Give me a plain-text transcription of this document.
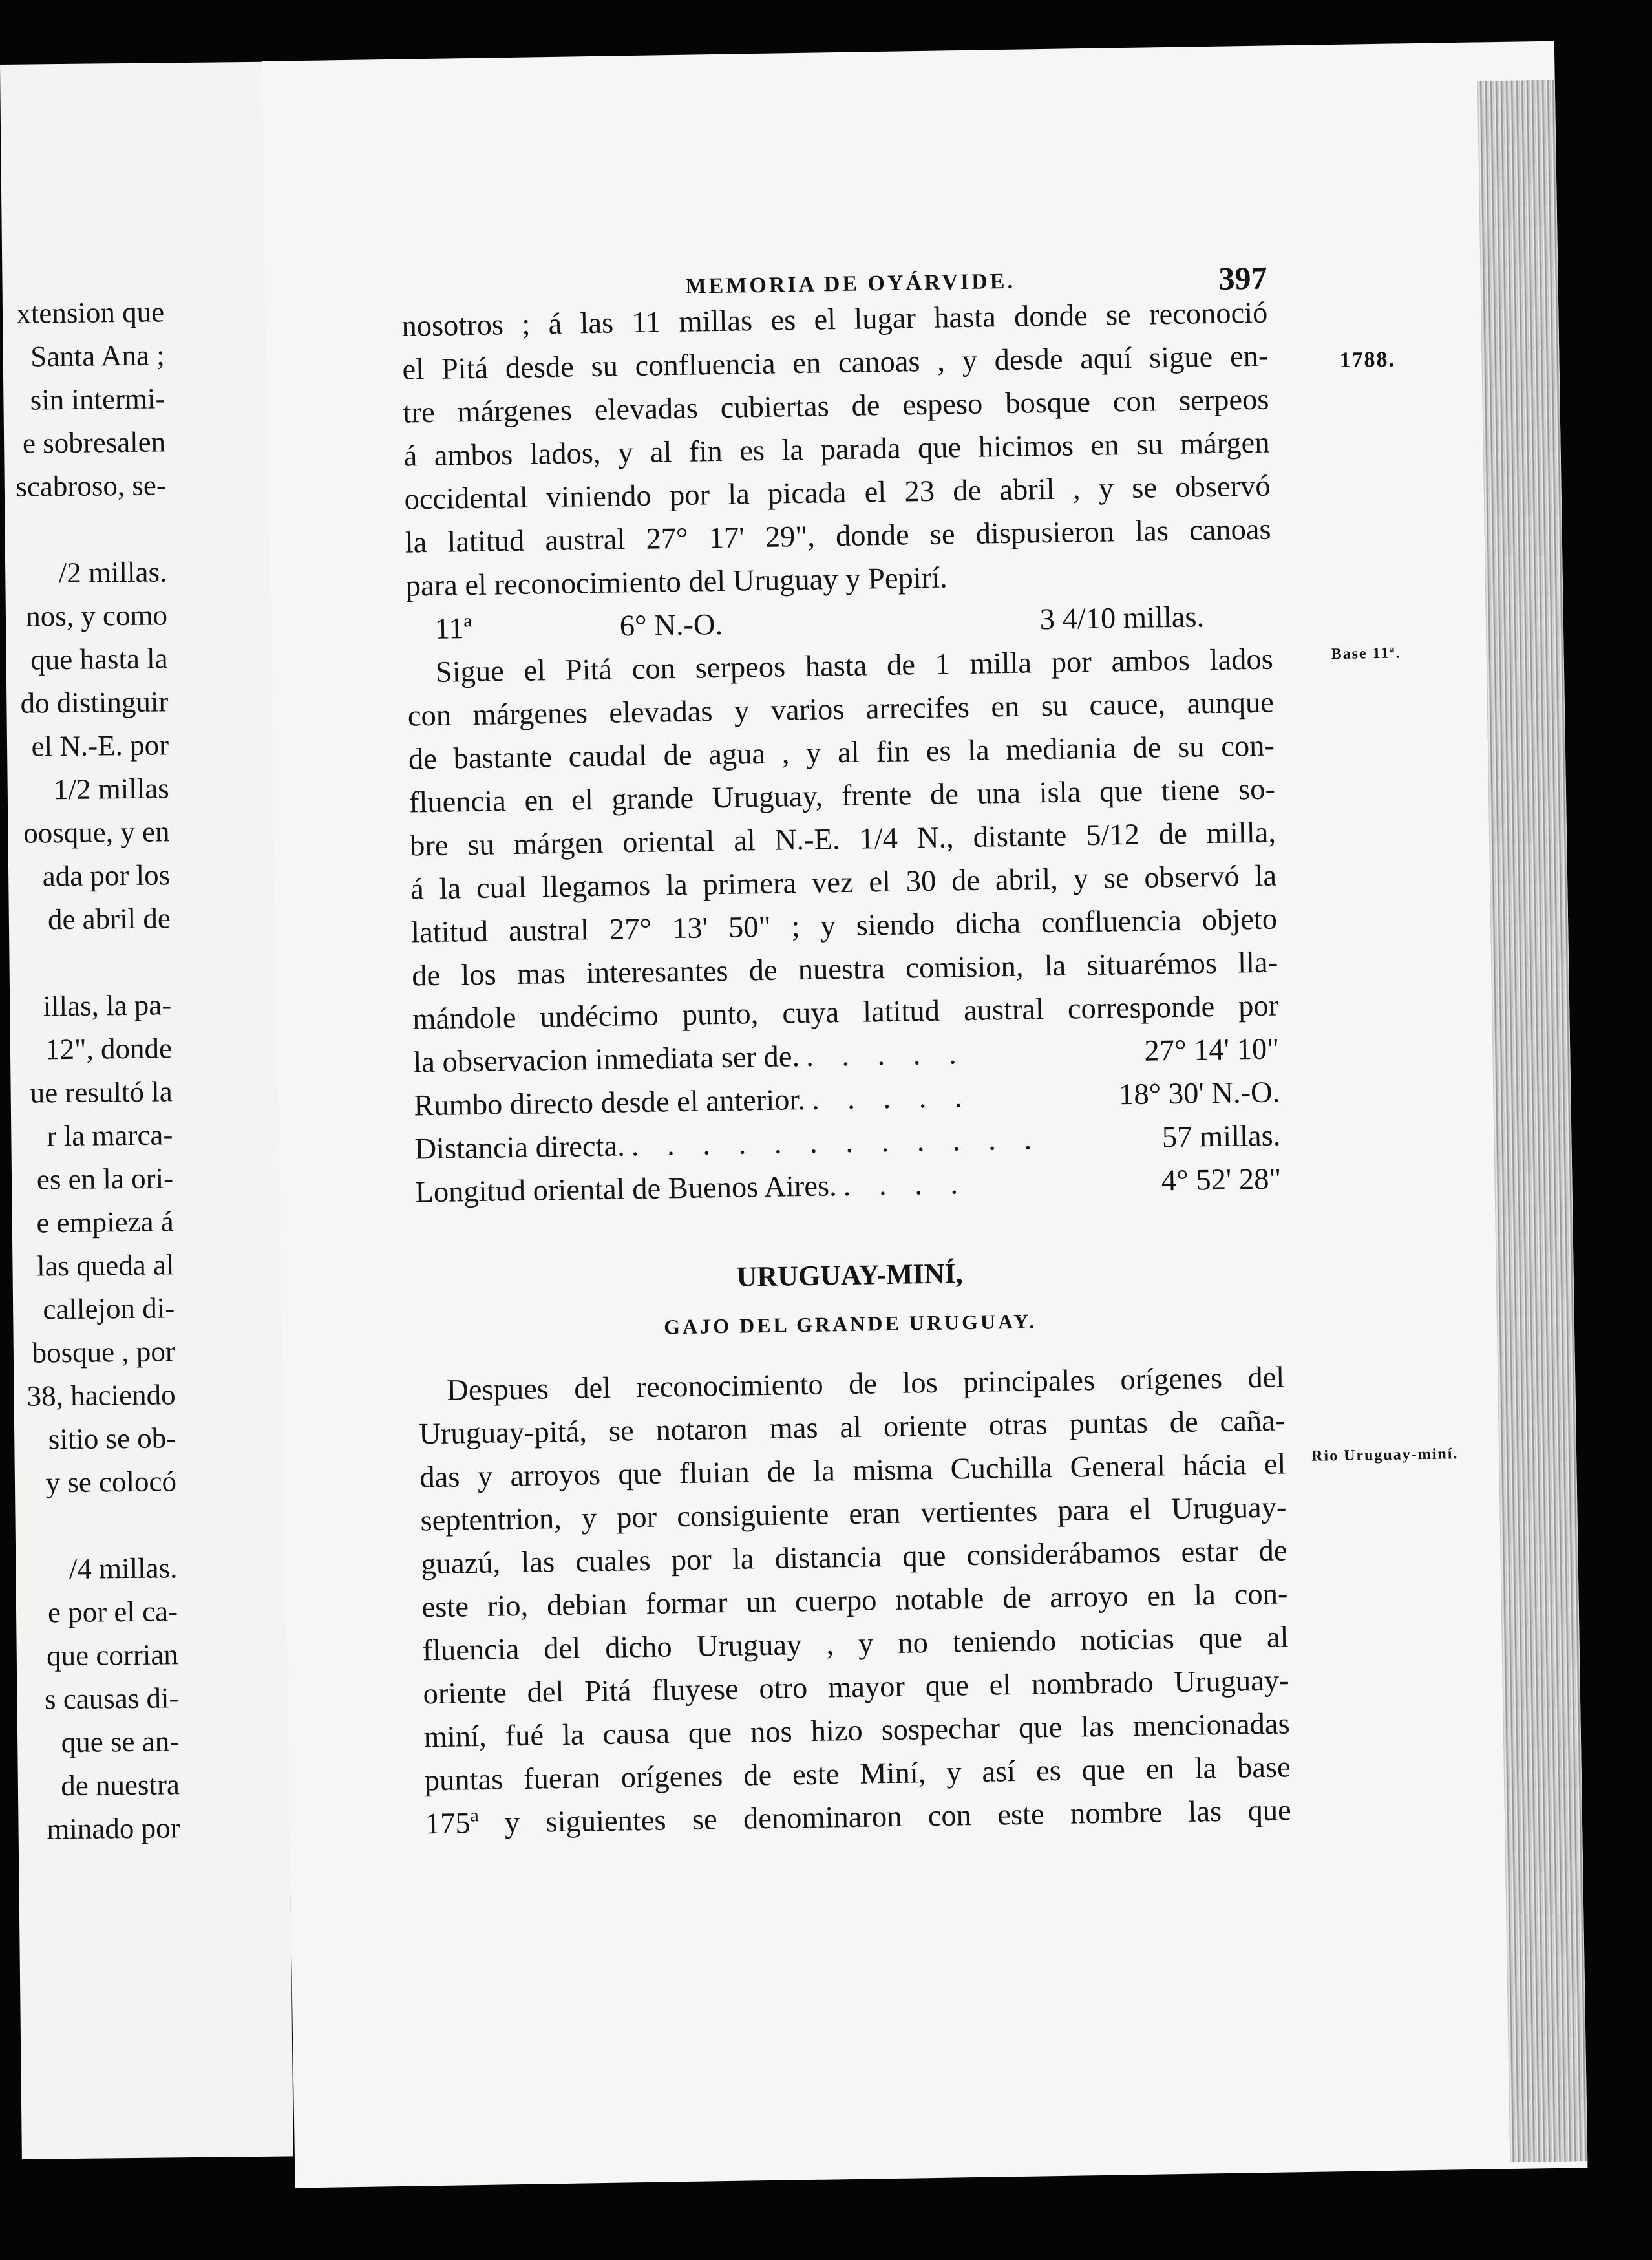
xtension que
Santa Ana ;
sin intermi-
e sobresalen
scabroso, se-
/2 millas.
nos, y como
que hasta la
do distinguir
el N.-E. por
1/2 millas
oosque, y en
ada por los
de abril de
illas, la pa-
12", donde
ue resultó la
r la marca-
es en la ori-
e empieza á
las queda al
callejon di-
bosque , por
38, haciendo
sitio se ob-
y se colocó
/4 millas.
e por el ca-
que corrian
s causas di-
que se an-
de nuestra
minado por
MEMORIA DE OYÁRVIDE.	397
1788.
Base 11ª.
Rio Uruguay-miní.
nosotros ; á las 11 millas es el lugar hasta donde se reconoció
el Pitá desde su confluencia en canoas , y desde aquí sigue en-
tre márgenes elevadas cubiertas de espeso bosque con serpeos
á ambos lados, y al fin es la parada que hicimos en su márgen
occidental viniendo por la picada el 23 de abril , y se observó
la latitud austral 27° 17' 29", donde se dispusieron las canoas
para el reconocimiento del Uruguay y Pepirí.
11ª	6° N.-O.	3 4/10 millas.
Sigue el Pitá con serpeos hasta de 1 milla por ambos lados
con márgenes elevadas y varios arrecifes en su cauce, aunque
de bastante caudal de agua , y al fin es la mediania de su con-
fluencia en el grande Uruguay, frente de una isla que tiene so-
bre su márgen oriental al N.-E. 1/4 N., distante 5/12 de milla,
á la cual llegamos la primera vez el 30 de abril, y se observó la
latitud austral 27° 13' 50" ; y siendo dicha confluencia objeto
de los mas interesantes de nuestra comision, la situarémos lla-
mándole undécimo punto, cuya latitud austral corresponde por
la observacion inmediata ser de. . . . . .	27° 14' 10"
Rumbo directo desde el anterior. . . . . .	18° 30' N.-O.
Distancia directa. . . . . . . . . . . . .	57 millas.
Longitud oriental de Buenos Aires. . . . .	4° 52' 28"
URUGUAY-MINÍ,
GAJO DEL GRANDE URUGUAY.
Despues del reconocimiento de los principales orígenes del
Uruguay-pitá, se notaron mas al oriente otras puntas de caña-
das y arroyos que fluian de la misma Cuchilla General hácia el
septentrion, y por consiguiente eran vertientes para el Uruguay-
guazú, las cuales por la distancia que considerábamos estar de
este rio, debian formar un cuerpo notable de arroyo en la con-
fluencia del dicho Uruguay , y no teniendo noticias que al
oriente del Pitá fluyese otro mayor que el nombrado Uruguay-
miní, fué la causa que nos hizo sospechar que las mencionadas
puntas fueran orígenes de este Miní, y así es que en la base
175ª y siguientes se denominaron con este nombre las que
